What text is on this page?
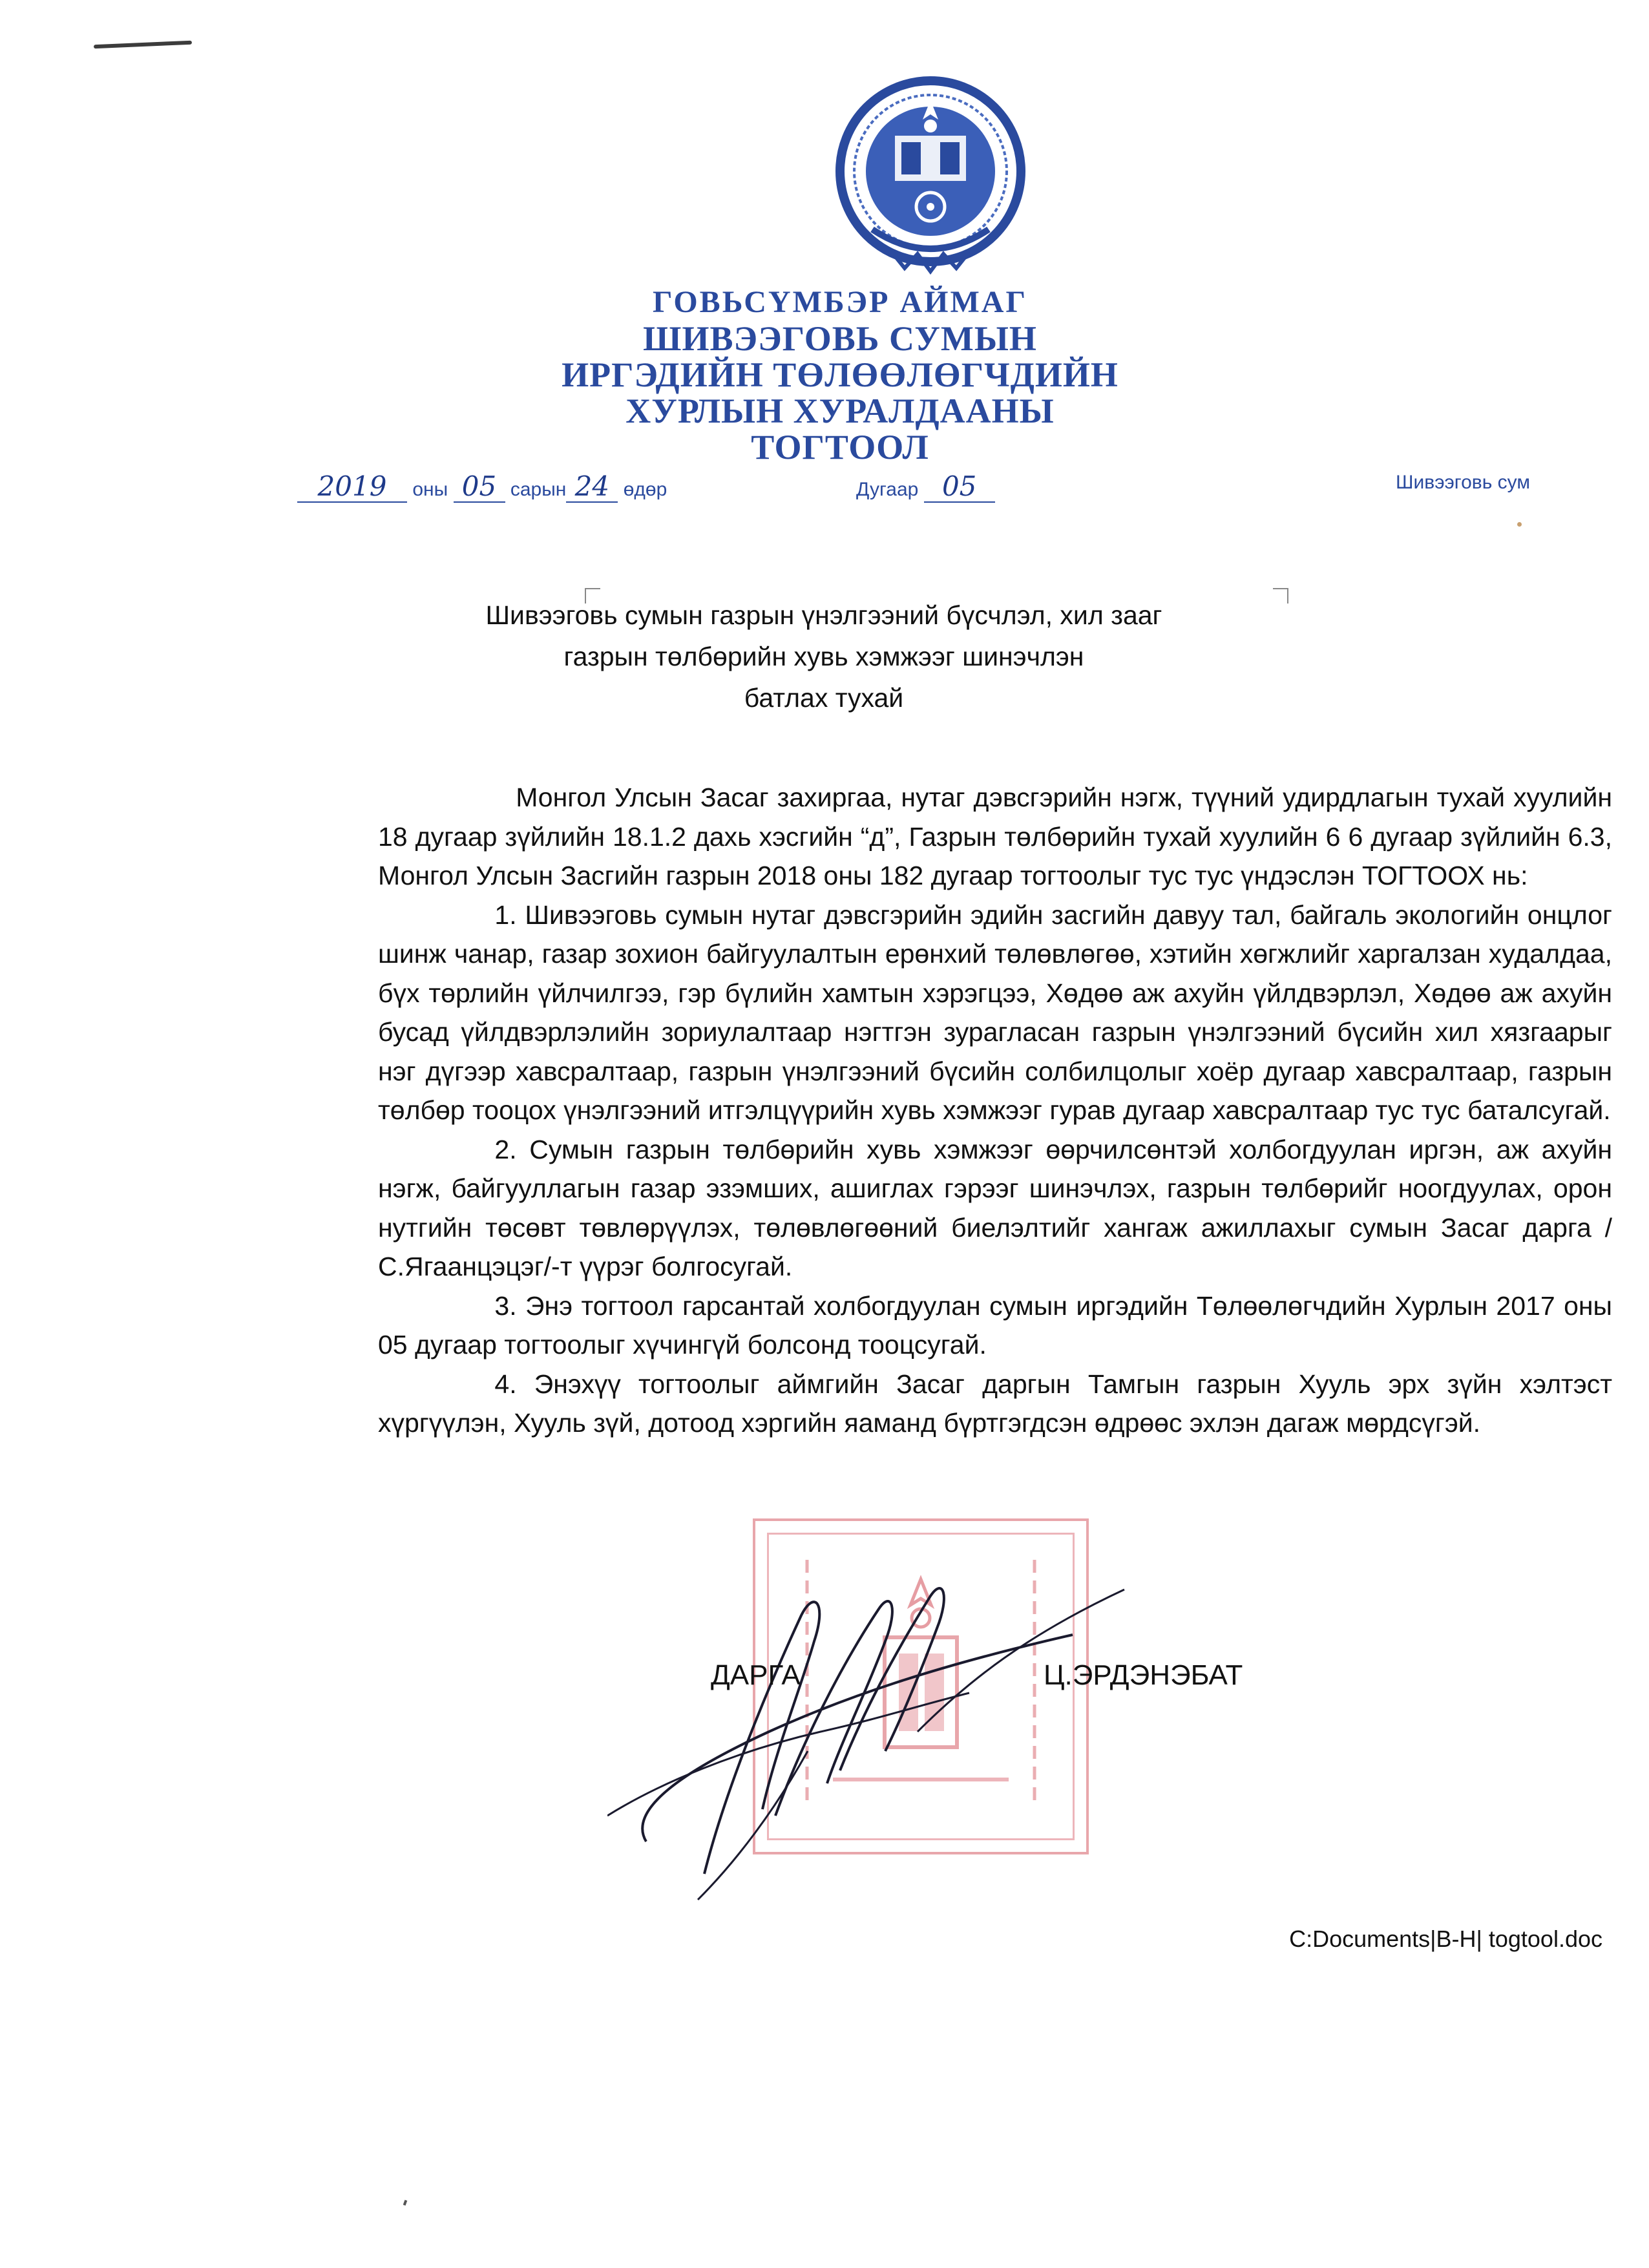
ГОВЬСҮМБЭР АЙМАГ
ШИВЭЭГОВЬ СУМЫН
ИРГЭДИЙН ТӨЛӨӨЛӨГЧДИЙН
ХУРЛЫН ХУРАЛДААНЫ
ТОГТООЛ
2019 оны 05 сарын 24 өдөр	Дугаар 05	Шивээговь сум
Шивээговь сумын газрын үнэлгээний бүсчлэл, хил зааг
газрын төлбөрийн хувь хэмжээг шинэчлэн
батлах тухай

Монгол Улсын Засаг захиргаа, нутаг дэвсгэрийн нэгж, түүний удирдлагын тухай хуулийн 18 дугаар зүйлийн 18.1.2 дахь хэсгийн “д”, Газрын төлбөрийн тухай хуулийн 6 6 дугаар зүйлийн 6.3, Монгол Улсын Засгийн газрын 2018 оны 182 дугаар тогтоолыг тус тус үндэслэн ТОГТООХ нь:

1. Шивээговь сумын нутаг дэвсгэрийн эдийн засгийн давуу тал, байгаль экологийн онцлог шинж чанар, газар зохион байгуулалтын ерөнхий төлөвлөгөө, хэтийн хөгжлийг харгалзан худалдаа, бүх төрлийн үйлчилгээ, гэр бүлийн хамтын хэрэгцээ, Хөдөө аж ахуйн үйлдвэрлэл, Хөдөө аж ахуйн бусад үйлдвэрлэлийн зориулалтаар нэгтгэн зурагласан газрын үнэлгээний бүсийн хил хязгаарыг нэг дүгээр хавсралтаар, газрын үнэлгээний бүсийн солбилцолыг хоёр дугаар хавсралтаар, газрын төлбөр тооцох үнэлгээний итгэлцүүрийн хувь хэмжээг гурав дугаар хавсралтаар тус тус баталсугай.

2. Сумын газрын төлбөрийн хувь хэмжээг өөрчилсөнтэй холбогдуулан иргэн, аж ахуйн нэгж, байгууллагын газар эзэмших, ашиглах гэрээг шинэчлэх, газрын төлбөрийг ноогдуулах, орон нутгийн төсөвт төвлөрүүлэх, төлөвлөгөөний биелэлтийг хангаж ажиллахыг сумын Засаг дарга /С.Ягаанцэцэг/-т үүрэг болгосугай.

3. Энэ тогтоол гарсантай холбогдуулан сумын иргэдийн Төлөөлөгчдийн Хурлын 2017 оны 05 дугаар тогтоолыг хүчингүй болсонд тооцсугай.

4. Энэхүү тогтоолыг аймгийн Засаг даргын Тамгын газрын Хууль эрх зүйн хэлтэст хүргүүлэн, Хууль зүй, дотоод хэргийн яаманд бүртгэгдсэн өдрөөс эхлэн дагаж мөрдсүгэй.

ДАРГА	Ц.ЭРДЭНЭБАТ
C:Documents|B-H| togtool.doc
